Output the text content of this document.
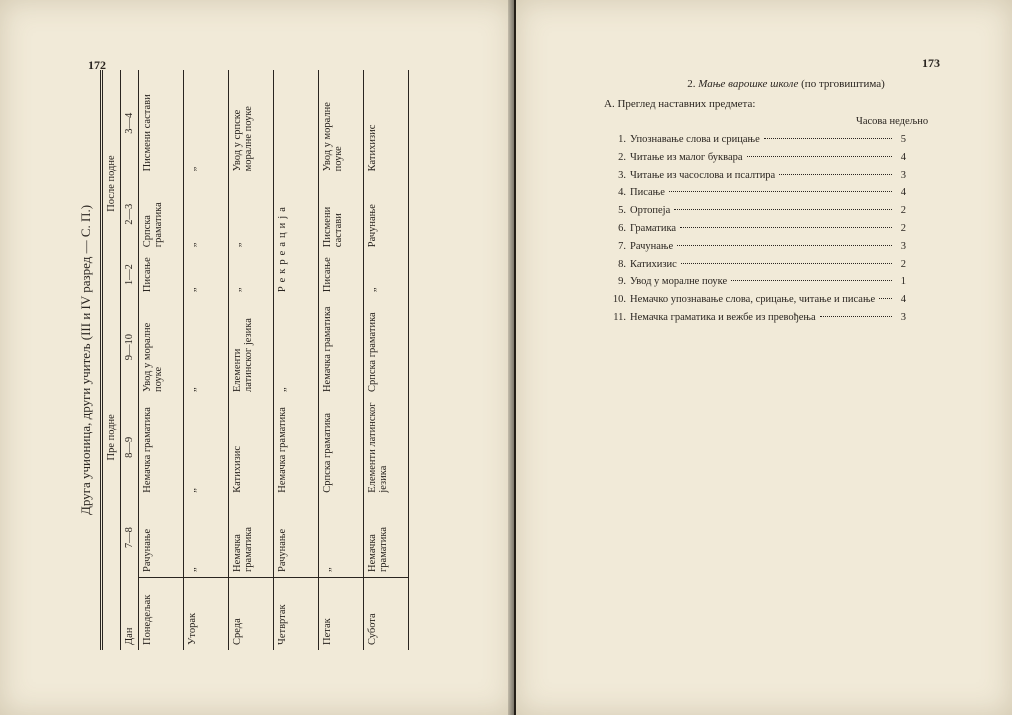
172
Друга учионица, други учитељ (III и IV разред — С. П.)
		Пре подне			После подне		
Дан	7—8	8—9	9—10	1—2	2—3	3—4
Понедељак	Рачунање	Немачка граматика	Увод у моралне поуке	Писање	Српска граматика	Писмени састави
Уторак	„	„	„	„	„	„
Среда	Немачка граматика	Катихизис	Елементи латинског језика	„	„	Увод у српске моралне поуке
Четвртак	Рачунање	Немачка граматика	„	Рекреација		
Петак	„	Српска граматика	Немачка граматика	Писање	Писмени састави	Увод у моралне поуке
Субота	Немачка граматика	Елементи латинског језика	Српска граматика	„	Рачунање	Катихизис
173
2. Мање варошке школе (по трговиштима)
А. Преглед наставних предмета:
Часова недељно
1. Упознавање слова и срицање	5
2. Читање из малог буквара	4
3. Читање из часослова и псалтира	3
4. Писање	4
5. Ортопеја	2
6. Граматика	2
7. Рачунање	3
8. Катихизис	2
9. Увод у моралне поуке	1
10. Немачко упознавање слова, срицање, читање и писање	4
11. Немачка граматика и вежбе из превођења	3
